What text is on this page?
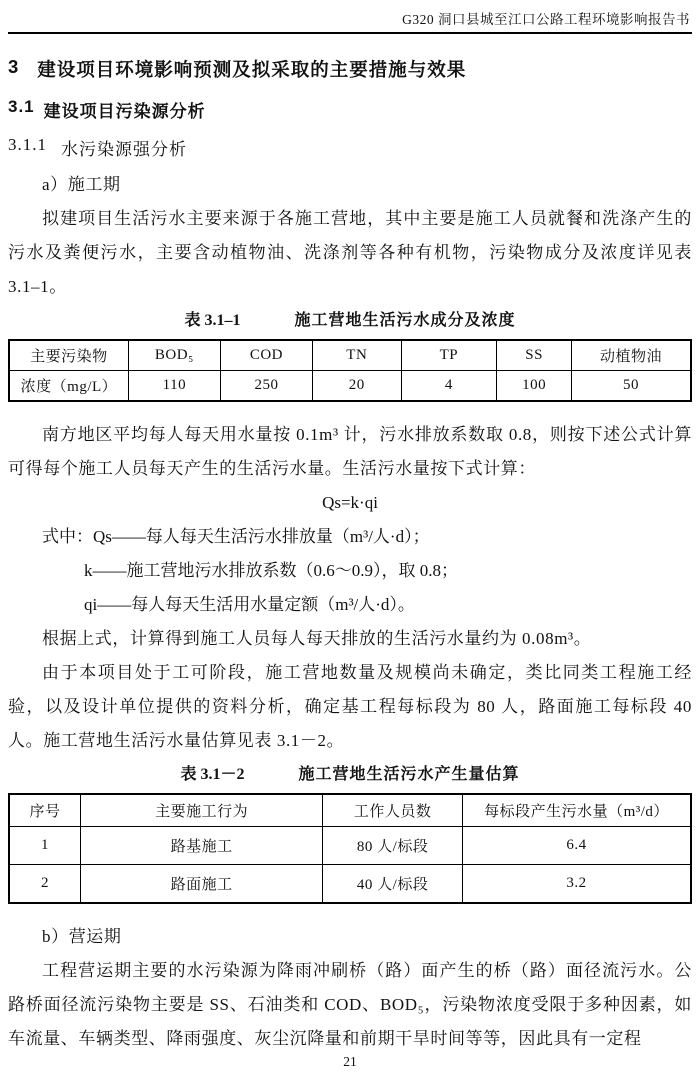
G320 洞口县城至江口公路工程环境影响报告书
3 建设项目环境影响预测及拟采取的主要措施与效果
3.1 建设项目污染源分析
3.1.1 水污染源强分析

a）施工期

拟建项目生活污水主要来源于各施工营地，其中主要是施工人员就餐和洗涤产生的污水及粪便污水，主要含动植物油、洗涤剂等各种有机物，污染物成分及浓度详见表 3.1–1。

表 3.1–1	施工营地生活污水成分及浓度
主要污染物	BOD₅	COD	TN	TP	SS	动植物油
浓度（mg/L）	110	250	20	4	100	50

南方地区平均每人每天用水量按 0.1m³ 计，污水排放系数取 0.8，则按下述公式计算可得每个施工人员每天产生的生活污水量。生活污水量按下式计算：

Qs=k·qi

式中：Qs——每人每天生活污水排放量（m³/人·d）；

k——施工营地污水排放系数（0.6～0.9），取 0.8；

qi——每人每天生活用水量定额（m³/人·d）。

根据上式，计算得到施工人员每人每天排放的生活污水量约为 0.08m³。

由于本项目处于工可阶段，施工营地数量及规模尚未确定，类比同类工程施工经验，以及设计单位提供的资料分析，确定基工程每标段为 80 人，路面施工每标段 40 人。施工营地生活污水量估算见表 3.1－2。

表 3.1－2	施工营地生活污水产生量估算
序号	主要施工行为	工作人员数	每标段产生污水量（m³/d）
1	路基施工	80 人/标段	6.4
2	路面施工	40 人/标段	3.2

b）营运期

工程营运期主要的水污染源为降雨冲刷桥（路）面产生的桥（路）面径流污水。公路桥面径流污染物主要是 SS、石油类和 COD、BOD₅，污染物浓度受限于多种因素，如车流量、车辆类型、降雨强度、灰尘沉降量和前期干旱时间等等，因此具有一定程

21
